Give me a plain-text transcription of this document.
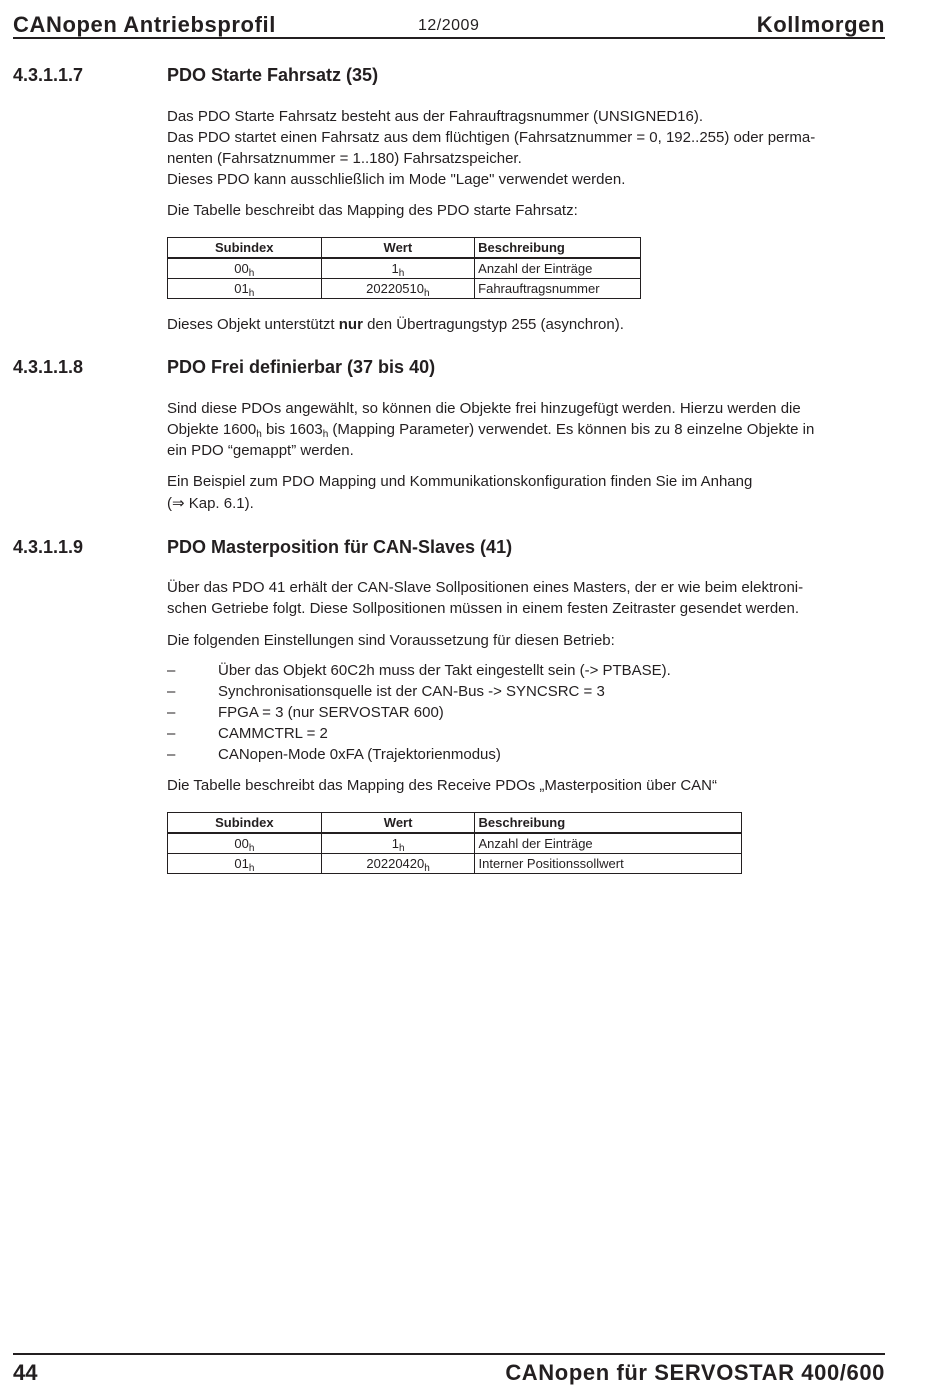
CANopen Antriebsprofil	12/2009	Kollmorgen
4.3.1.1.7	PDO Starte Fahrsatz (35)

Das PDO Starte Fahrsatz besteht aus der Fahrauftragsnummer (UNSIGNED16).

Das PDO startet einen Fahrsatz aus dem flüchtigen (Fahrsatznummer = 0, 192..255) oder perma-

nenten (Fahrsatznummer = 1..180) Fahrsatzspeicher.

Dieses PDO kann ausschließlich im Mode "Lage" verwendet werden.

Die Tabelle beschreibt das Mapping des PDO starte Fahrsatz:
Subindex	Wert	Beschreibung
$00_h$	$1_h$	Anzahl der Einträge
$01_h$	$20220510_h$	Fahrauftragsnummer
Dieses Objekt unterstützt nur den Übertragungstyp 255 (asynchron).
4.3.1.1.8	PDO Frei definierbar (37 bis 40)

Sind diese PDOs angewählt, so können die Objekte frei hinzugefügt werden. Hierzu werden die

Objekte $1600_h$ bis $1603_h$ (Mapping Parameter) verwendet. Es können bis zu 8 einzelne Objekte in

ein PDO “gemappt” werden.

Ein Beispiel zum PDO Mapping und Kommunikationskonfiguration finden Sie im Anhang

(⇒ Kap. 6.1).

4.3.1.1.9	PDO Masterposition für CAN-Slaves (41)

Über das PDO 41 erhält der CAN-Slave Sollpositionen eines Masters, der er wie beim elektroni-

schen Getriebe folgt. Diese Sollpositionen müssen in einem festen Zeitraster gesendet werden.

Die folgenden Einstellungen sind Voraussetzung für diesen Betrieb:
–	Über das Objekt 60C2h muss der Takt eingestellt sein (-> PTBASE).
–	Synchronisationsquelle ist der CAN-Bus -> SYNCSRC = 3
–	FPGA = 3 (nur SERVOSTAR 600)
–	CAMMCTRL = 2
–	CANopen-Mode 0xFA (Trajektorienmodus)
Die Tabelle beschreibt das Mapping des Receive PDOs „Masterposition über CAN“
Subindex	Wert	Beschreibung
$00_h$	$1_h$	Anzahl der Einträge
$01_h$	$20220420_h$	Interner Positionssollwert
44	CANopen für SERVOSTAR 400/600
